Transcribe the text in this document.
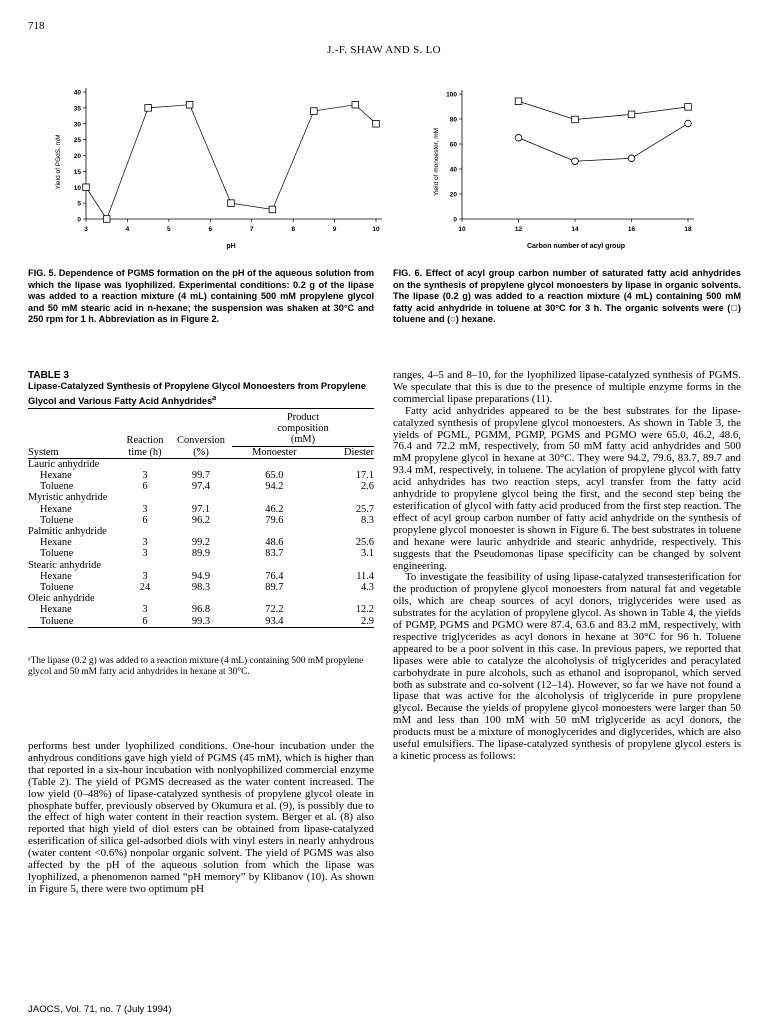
718
J.-F. SHAW AND S. LO
0
5
10
15
20
25
30
35
40
3	4	5	6	7	8	9	10
Yield of PGdS, mM
pH
0
20
40
60
80
100
10	12	14	16	18
Yield of monoester, mM
Carbon number of acyl group
FIG. 5. Dependence of PGMS formation on the pH of the aqueous solution from which the lipase was lyophilized. Experimental conditions: 0.2 g of the lipase was added to a reaction mixture (4 mL) containing 500 mM propylene glycol and 50 mM stearic acid in n-hexane; the suspension was shaken at 30°C and 250 rpm for 1 h. Abbreviation as in Figure 2.
FIG. 6. Effect of acyl group carbon number of saturated fatty acid anhydrides on the synthesis of propylene glycol monoesters by lipase in organic solvents. The lipase (0.2 g) was added to a reaction mixture (4 mL) containing 500 mM fatty acid anhydride in toluene at 30°C for 3 h. The organic solvents were (□) toluene and (○) hexane.
TABLE 3
Lipase-Catalyzed Synthesis of Propylene Glycol Monoesters from Propylene Glycol and Various Fatty Acid Anhydrides$^a$
			Product	
			composition	
	Reaction	Conversion	(mM)	
System	time (h)	(%)	Monoester	Diester
Lauric anhydride				
Hexane	3	99.7	65.0	17.1
Toluene	6	97.4	94.2	2.6
Myristic anhydride				
Hexane	3	97.1	46.2	25.7
Toluene	6	96.2	79.6	8.3
Palmitic anhydride				
Hexane	3	99.2	48.6	25.6
Toluene	3	89.9	83.7	3.1
Stearic anhydride				
Hexane	3	94.9	76.4	11.4
Toluene	24	98.3	89.7	4.3
Oleic anhydride				
Hexane	3	96.8	72.2	12.2
Toluene	6	99.3	93.4	2.9
ᵃThe lipase (0.2 g) was added to a reaction mixture (4 mL) containing 500 mM propylene glycol and 50 mM fatty acid anhydrides in hexane at 30°C.

performs best under lyophilized conditions. One-hour incubation under the anhydrous conditions gave high yield of PGMS (45 mM), which is higher than that reported in a six-hour incubation with nonlyophilized commercial enzyme (Table 2). The yield of PGMS decreased as the water content increased. The low yield (0–48%) of lipase-catalyzed synthesis of propylene glycol oleate in phosphate buffer, previously observed by Okumura et al. (9), is possibly due to the effect of high water content in their reaction system. Berger et al. (8) also reported that high yield of diol esters can be obtained from lipase-catalyzed esterification of silica gel-adsorbed diols with vinyl esters in nearly anhydrous (water content <0.6%) nonpolar organic solvent. The yield of PGMS was also affected by the pH of the aqueous solution from which the lipase was lyophilized, a phenomenon named “pH memory” by Klibanov (10). As shown in Figure 5, there were two optimum pH

ranges, 4–5 and 8–10, for the lyophilized lipase-catalyzed synthesis of PGMS. We speculate that this is due to the presence of multiple enzyme forms in the commercial lipase preparations (11).

Fatty acid anhydrides appeared to be the best substrates for the lipase-catalyzed synthesis of propylene glycol monoesters. As shown in Table 3, the yields of PGML, PGMM, PGMP, PGMS and PGMO were 65.0, 46.2, 48.6, 76.4 and 72.2 mM, respectively, from 50 mM fatty acid anhydrides and 500 mM propylene glycol in hexane at 30°C. They were 94.2, 79.6, 83.7, 89.7 and 93.4 mM, respectively, in toluene. The acylation of propylene glycol with fatty acid anhydrides has two reaction steps, acyl transfer from the fatty acid anhydride to propylene glycol being the first, and the second step being the esterification of glycol with fatty acid produced from the first step reaction. The effect of acyl group carbon number of fatty acid anhydride on the synthesis of propylene glycol monoester is shown in Figure 6. The best substrates in toluene and hexane were lauric anhydride and stearic anhydride, respectively. This suggests that the Pseudomonas lipase specificity can be changed by solvent engineering.

To investigate the feasibility of using lipase-catalyzed transesterification for the production of propylene glycol monoesters from natural fat and vegetable oils, which are cheap sources of acyl donors, triglycerides were used as substrates for the acylation of propylene glycol. As shown in Table 4, the yields of PGMP, PGMS and PGMO were 87.4, 63.6 and 83.2 mM, respectively, with respective triglycerides as acyl donors in hexane at 30°C for 96 h. Toluene appeared to be a poor solvent in this case. In previous papers, we reported that lipases were able to catalyze the alcoholysis of triglycerides and peracylated carbohydrate in pure alcohols, such as ethanol and isopropanol, which served both as substrate and co-solvent (12–14). However, so far we have not found a lipase that was active for the alcoholysis of triglyceride in pure propylene glycol. Because the yields of propylene glycol monoesters were larger than 50 mM and less than 100 mM with 50 mM triglyceride as acyl donors, the products must be a mixture of monoglycerides and diglycerides, which are also useful emulsifiers. The lipase-catalyzed synthesis of propylene glycol esters is a kinetic process as follows:

JAOCS, Vol. 71, no. 7 (July 1994)
